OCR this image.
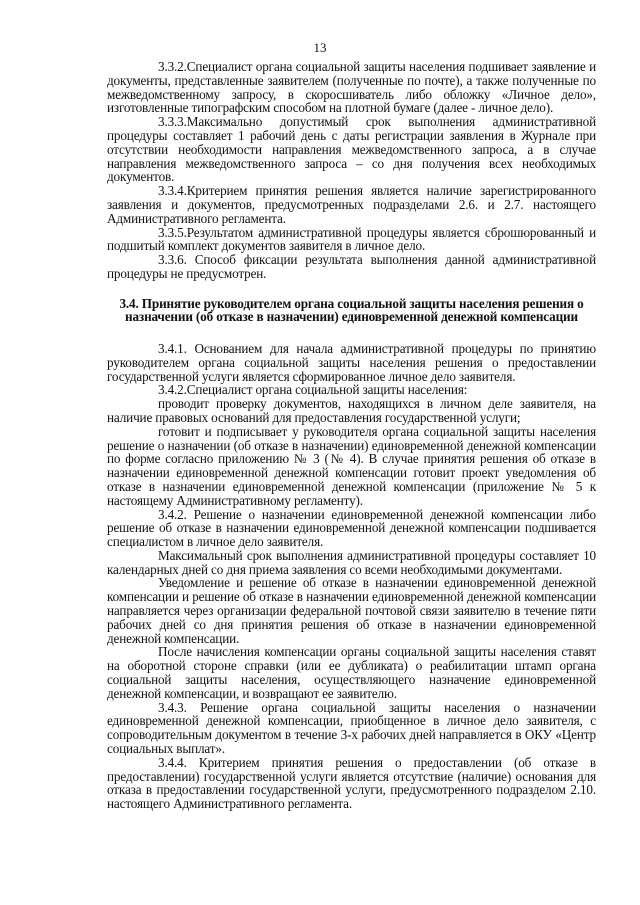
13

3.3.2.Специалист органа социальной защиты населения подшивает заявление и документы, представленные заявителем (полученные по почте), а также полученные по межведомственному запросу, в скоросшиватель либо обложку «Личное дело», изготовленные типографским способом на плотной бумаге (далее - личное дело).

3.3.3.Максимально допустимый срок выполнения административной процедуры составляет 1 рабочий день с даты регистрации заявления в Журнале при отсутствии необходимости направления межведомственного запроса, а в случае направления межведомственного запроса – со дня получения всех необходимых документов.

3.3.4.Критерием принятия решения является наличие зарегистрированного заявления и документов, предусмотренных подразделами 2.6. и 2.7. настоящего Административного регламента.

3.3.5.Результатом административной процедуры является сброшюрованный и подшитый комплект документов заявителя в личное дело.

3.3.6. Способ фиксации результата выполнения данной административной процедуры не предусмотрен.

3.4. Принятие руководителем органа социальной защиты населения решения о назначении (об отказе в назначении) единовременной денежной компенсации

3.4.1. Основанием для начала административной процедуры по принятию руководителем органа социальной защиты населения решения о предоставлении государственной услуги является сформированное личное дело заявителя.

3.4.2.Специалист органа социальной защиты населения:

проводит проверку документов, находящихся в личном деле заявителя, на наличие правовых оснований для предоставления государственной услуги;

готовит и подписывает у руководителя органа социальной защиты населения решение о назначении (об отказе в назначении) единовременной денежной компенсации по форме согласно приложению № 3 (№ 4). В случае принятия решения об отказе в назначении единовременной денежной компенсации готовит проект уведомления об отказе в назначении единовременной денежной компенсации (приложение № 5 к настоящему Административному регламенту).

3.4.2. Решение о назначении единовременной денежной компенсации либо решение об отказе в назначении единовременной денежной компенсации подшивается специалистом в личное дело заявителя.

Максимальный срок выполнения административной процедуры составляет 10 календарных дней со дня приема заявления со всеми необходимыми документами.

Уведомление и решение об отказе в назначении единовременной денежной компенсации и решение об отказе в назначении единовременной денежной компенсации направляется через организации федеральной почтовой связи заявителю в течение пяти рабочих дней со дня принятия решения об отказе в назначении единовременной денежной компенсации.

После начисления компенсации органы социальной защиты населения ставят на оборотной стороне справки (или ее дубликата) о реабилитации штамп органа социальной защиты населения, осуществляющего назначение единовременной денежной компенсации, и возвращают ее заявителю.

3.4.3. Решение органа социальной защиты населения о назначении единовременной денежной компенсации, приобщенное в личное дело заявителя, с сопроводительным документом в течение 3-х рабочих дней направляется в ОКУ «Центр социальных выплат».

3.4.4. Критерием принятия решения о предоставлении (об отказе в предоставлении) государственной услуги является отсутствие (наличие) основания для отказа в предоставлении государственной услуги, предусмотренного подразделом 2.10. настоящего Административного регламента.
